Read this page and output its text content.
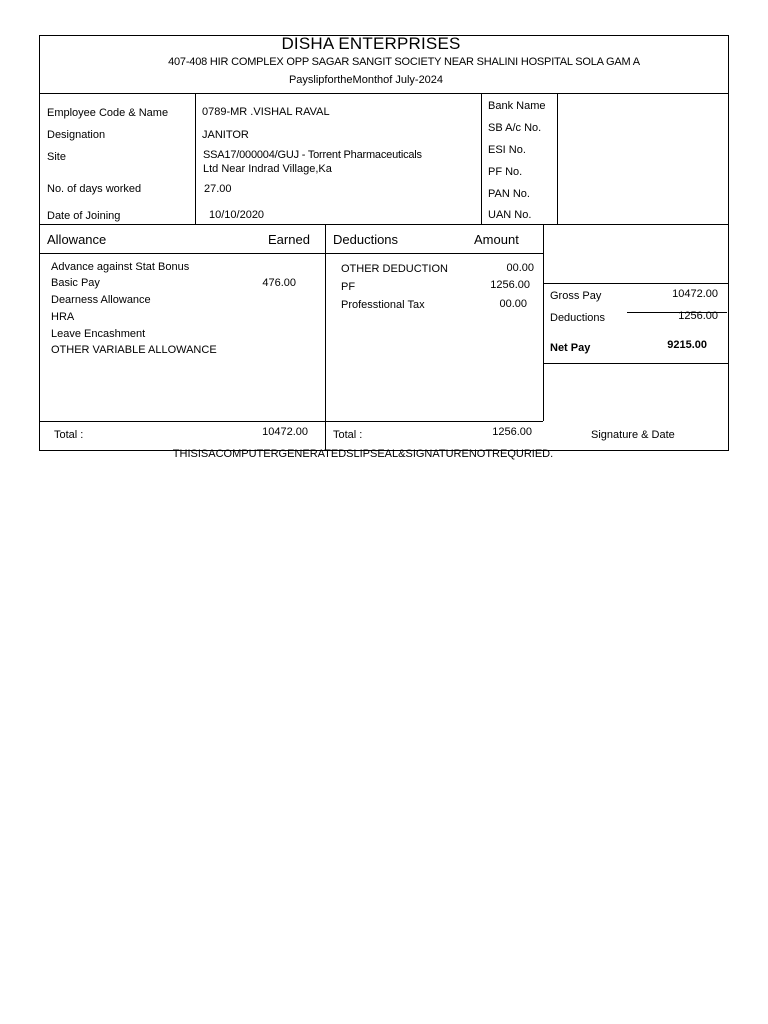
DISHA ENTERPRISES
407-408 HIR COMPLEX OPP SAGAR SANGIT SOCIETY NEAR SHALINI HOSPITAL SOLA GAM A
PayslipfortheMonthof July-2024
Employee Code & Name	0789-MR .VISHAL RAVAL
Designation	JANITOR
Site	SSA17/000004/GUJ - Torrent Pharmaceuticals
Ltd Near Indrad Village,Ka
No. of days worked	27.00
Date of Joining	10/10/2020
Bank Name
SB A/c No.
ESI No.
PF No.
PAN No.
UAN No.
Allowance	Earned Deductions	Amount
Advance against Stat Bonus
Basic Pay	476.00
Dearness Allowance
HRA
Leave Encashment
OTHER VARIABLE ALLOWANCE
OTHER DEDUCTION	00.00
PF	1256.00
Professtional Tax	00.00
Total :	10472.00 Total :	1256.00
Gross Pay	10472.00
Deductions	1256.00
Net Pay	9215.00
Signature & Date
THISISACOMPUTERGENERATEDSLIPSEAL&SIGNATURENOTREQURIED.
